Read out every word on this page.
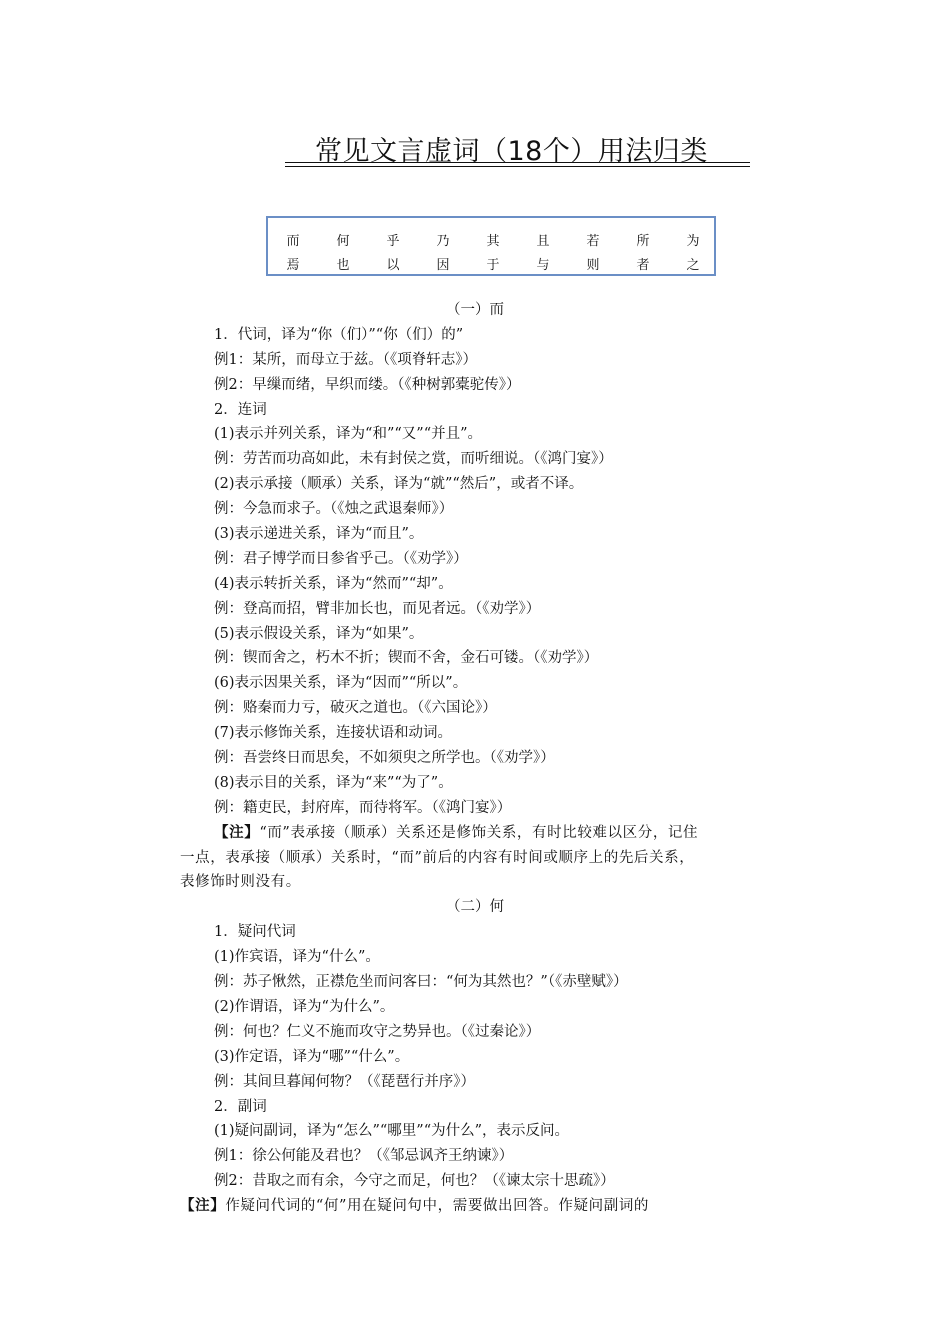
常见文言虚词（18个）用法归类
而	何	乎	乃	其	且	若	所	为
焉	也	以	因	于	与	则	者	之
（一）而
1．代词，译为“你（们）”“你（们）的”
例1：某所，而母立于兹。（《项脊轩志》）
例2：早缫而绪，早织而缕。（《种树郭橐驼传》）
2．连词
(1)表示并列关系，译为“和”“又”“并且”。
例：劳苦而功高如此，未有封侯之赏，而听细说。（《鸿门宴》）
(2)表示承接（顺承）关系，译为“就”“然后”，或者不译。
例：今急而求子。（《烛之武退秦师》）
(3)表示递进关系，译为“而且”。
例：君子博学而日参省乎己。（《劝学》）
(4)表示转折关系，译为“然而”“却”。
例：登高而招，臂非加长也，而见者远。（《劝学》）
(5)表示假设关系，译为“如果”。
例：锲而舍之，朽木不折；锲而不舍，金石可镂。（《劝学》）
(6)表示因果关系，译为“因而”“所以”。
例：赂秦而力亏，破灭之道也。（《六国论》）
(7)表示修饰关系，连接状语和动词。
例：吾尝终日而思矣，不如须臾之所学也。（《劝学》）
(8)表示目的关系，译为“来”“为了”。
例：籍吏民，封府库，而待将军。（《鸿门宴》）
【注】“而”表承接（顺承）关系还是修饰关系，有时比较难以区分，记住
一点，表承接（顺承）关系时，“而”前后的内容有时间或顺序上的先后关系，
表修饰时则没有。
（二）何
1．疑问代词
(1)作宾语，译为“什么”。
例：苏子愀然，正襟危坐而问客曰：“何为其然也？”（《赤壁赋》）
(2)作谓语，译为“为什么”。
例：何也？仁义不施而攻守之势异也。（《过秦论》）
(3)作定语，译为“哪”“什么”。
例：其间旦暮闻何物？（《琵琶行并序》）
2．副词
(1)疑问副词，译为“怎么”“哪里”“为什么”，表示反问。
例1：徐公何能及君也？（《邹忌讽齐王纳谏》）
例2：昔取之而有余，今守之而足，何也？（《谏太宗十思疏》）
【注】作疑问代词的“何”用在疑问句中，需要做出回答。作疑问副词的
